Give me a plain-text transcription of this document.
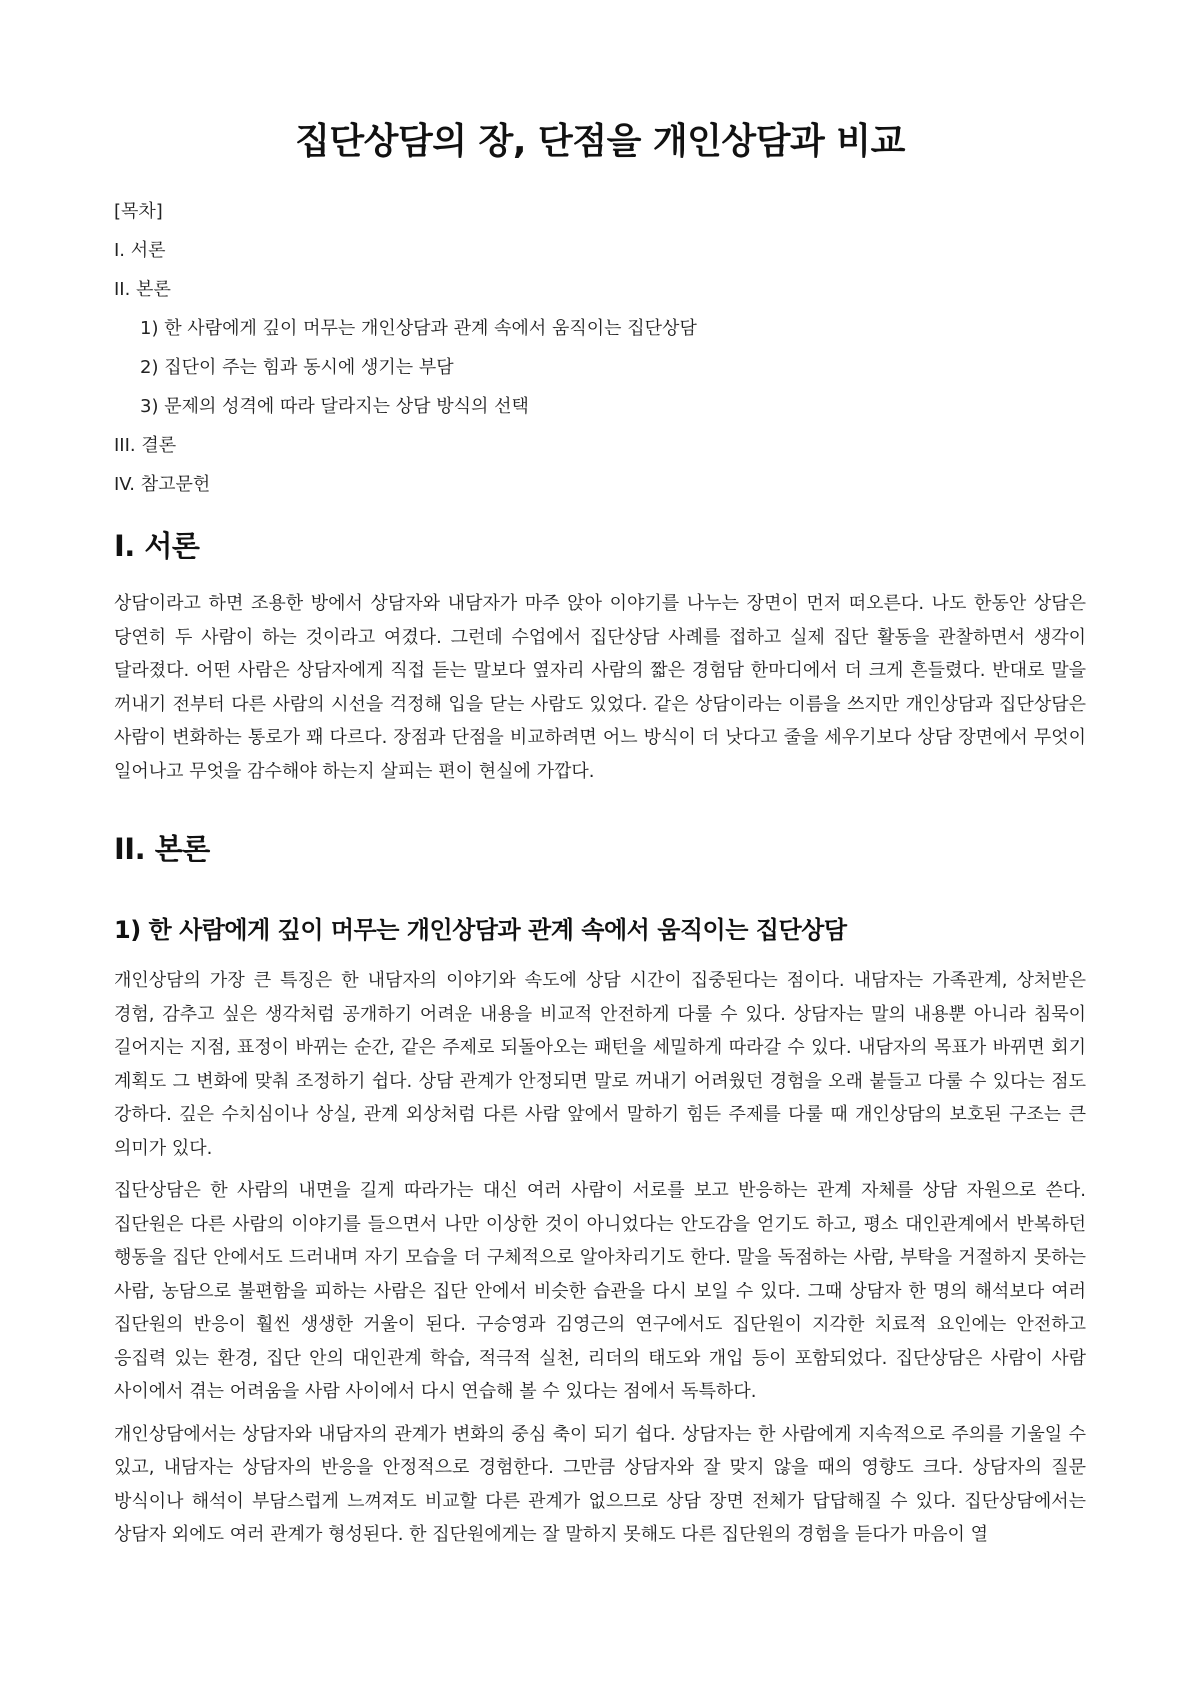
집단상담의 장, 단점을 개인상담과 비교
[목차]
I. 서론
II. 본론
1) 한 사람에게 깊이 머무는 개인상담과 관계 속에서 움직이는 집단상담
2) 집단이 주는 힘과 동시에 생기는 부담
3) 문제의 성격에 따라 달라지는 상담 방식의 선택
III. 결론
IV. 참고문헌
I. 서론

상담이라고 하면 조용한 방에서 상담자와 내담자가 마주 앉아 이야기를 나누는 장면이 먼저 떠오른다. 나도 한동안 상담은 당연히 두 사람이 하는 것이라고 여겼다. 그런데 수업에서 집단상담 사례를 접하고 실제 집단 활동을 관찰하면서 생각이 달라졌다. 어떤 사람은 상담자에게 직접 듣는 말보다 옆자리 사람의 짧은 경험담 한마디에서 더 크게 흔들렸다. 반대로 말을 꺼내기 전부터 다른 사람의 시선을 걱정해 입을 닫는 사람도 있었다. 같은 상담이라는 이름을 쓰지만 개인상담과 집단상담은 사람이 변화하는 통로가 꽤 다르다. 장점과 단점을 비교하려면 어느 방식이 더 낫다고 줄을 세우기보다 상담 장면에서 무엇이 일어나고 무엇을 감수해야 하는지 살피는 편이 현실에 가깝다.

II. 본론
1) 한 사람에게 깊이 머무는 개인상담과 관계 속에서 움직이는 집단상담

개인상담의 가장 큰 특징은 한 내담자의 이야기와 속도에 상담 시간이 집중된다는 점이다. 내담자는 가족관계, 상처받은 경험, 감추고 싶은 생각처럼 공개하기 어려운 내용을 비교적 안전하게 다룰 수 있다. 상담자는 말의 내용뿐 아니라 침묵이 길어지는 지점, 표정이 바뀌는 순간, 같은 주제로 되돌아오는 패턴을 세밀하게 따라갈 수 있다. 내담자의 목표가 바뀌면 회기 계획도 그 변화에 맞춰 조정하기 쉽다. 상담 관계가 안정되면 말로 꺼내기 어려웠던 경험을 오래 붙들고 다룰 수 있다는 점도 강하다. 깊은 수치심이나 상실, 관계 외상처럼 다른 사람 앞에서 말하기 힘든 주제를 다룰 때 개인상담의 보호된 구조는 큰 의미가 있다.

집단상담은 한 사람의 내면을 길게 따라가는 대신 여러 사람이 서로를 보고 반응하는 관계 자체를 상담 자원으로 쓴다. 집단원은 다른 사람의 이야기를 들으면서 나만 이상한 것이 아니었다는 안도감을 얻기도 하고, 평소 대인관계에서 반복하던 행동을 집단 안에서도 드러내며 자기 모습을 더 구체적으로 알아차리기도 한다. 말을 독점하는 사람, 부탁을 거절하지 못하는 사람, 농담으로 불편함을 피하는 사람은 집단 안에서 비슷한 습관을 다시 보일 수 있다. 그때 상담자 한 명의 해석보다 여러 집단원의 반응이 훨씬 생생한 거울이 된다. 구승영과 김영근의 연구에서도 집단원이 지각한 치료적 요인에는 안전하고 응집력 있는 환경, 집단 안의 대인관계 학습, 적극적 실천, 리더의 태도와 개입 등이 포함되었다. 집단상담은 사람이 사람 사이에서 겪는 어려움을 사람 사이에서 다시 연습해 볼 수 있다는 점에서 독특하다.

개인상담에서는 상담자와 내담자의 관계가 변화의 중심 축이 되기 쉽다. 상담자는 한 사람에게 지속적으로 주의를 기울일 수 있고, 내담자는 상담자의 반응을 안정적으로 경험한다. 그만큼 상담자와 잘 맞지 않을 때의 영향도 크다. 상담자의 질문 방식이나 해석이 부담스럽게 느껴져도 비교할 다른 관계가 없으므로 상담 장면 전체가 답답해질 수 있다. 집단상담에서는 상담자 외에도 여러 관계가 형성된다. 한 집단원에게는 잘 말하지 못해도 다른 집단원의 경험을 듣다가 마음이 열
